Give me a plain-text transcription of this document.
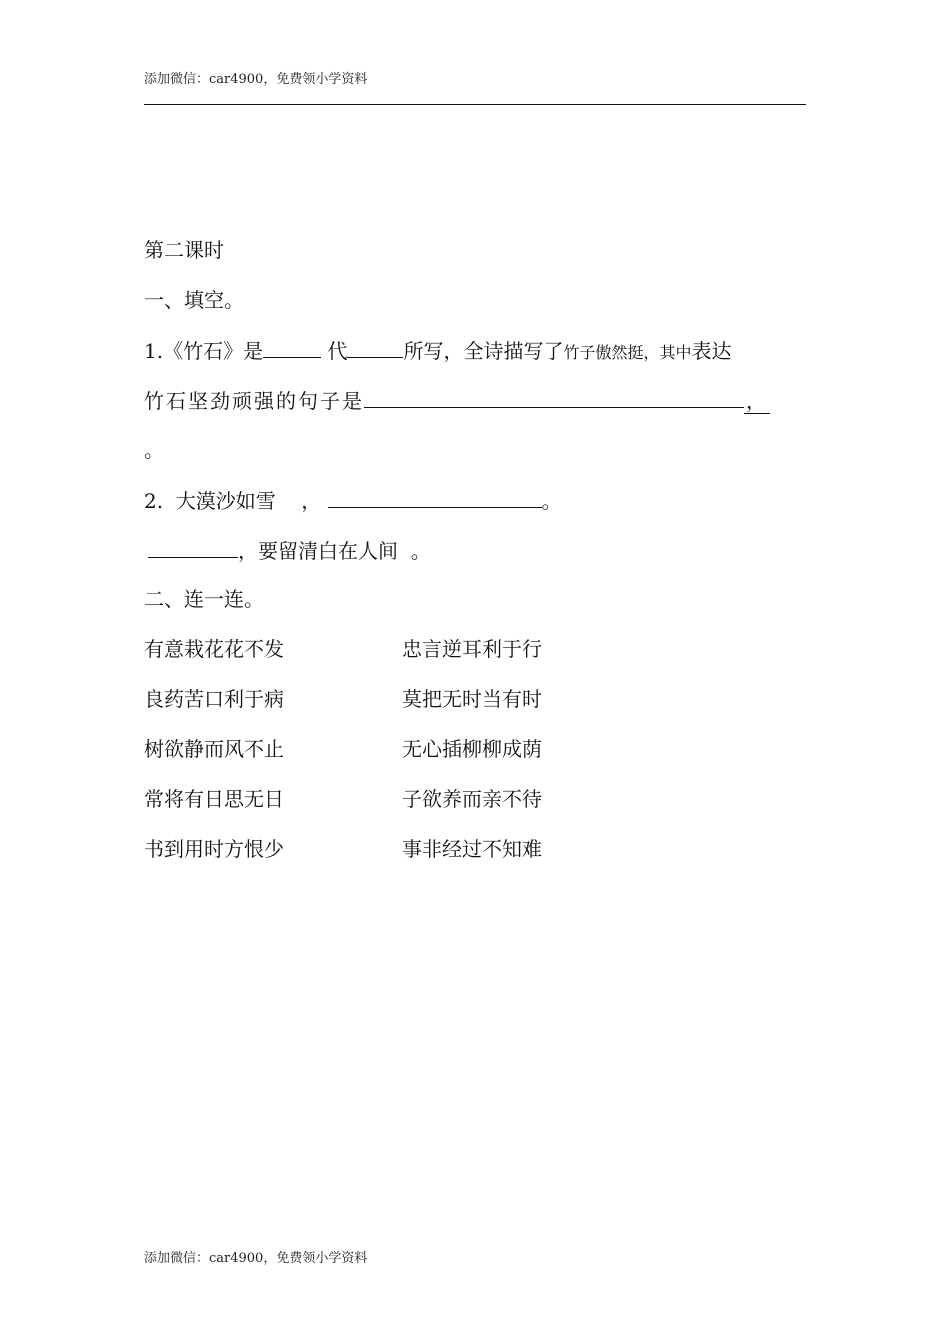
添加微信：car4900，免费领小学资料
第二课时
一、填空。
1.《竹石》是	代	所写，全诗描写了竹子傲然挺，其中表达
竹石坚劲顽强的句子是	，
。
2. 大漠沙如雪 ，	。
，要留清白在人间 。
二、连一连。
有意栽花花不发	忠言逆耳利于行
良药苦口利于病	莫把无时当有时
树欲静而风不止	无心插柳柳成荫
常将有日思无日	子欲养而亲不待
书到用时方恨少	事非经过不知难
添加微信：car4900，免费领小学资料
